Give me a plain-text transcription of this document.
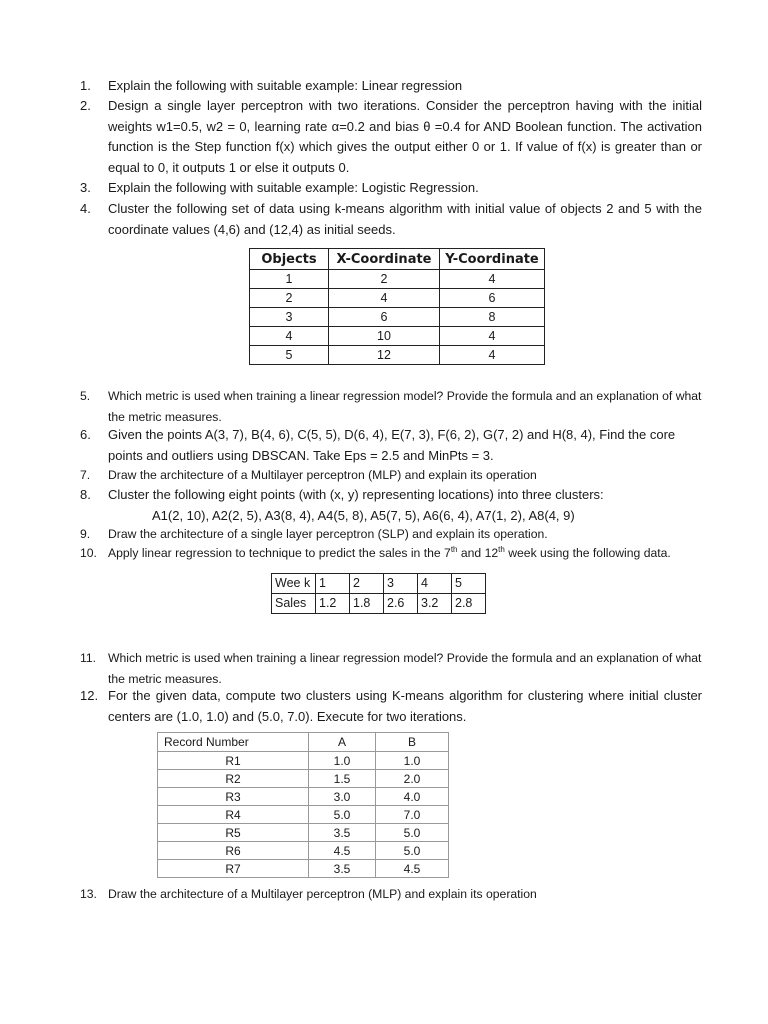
1.	Explain the following with suitable example: Linear regression
2.	Design a single layer perceptron with two iterations. Consider the perceptron having with the initial weights w1=0.5, w2 = 0, learning rate α=0.2 and bias θ =0.4 for AND Boolean function. The activation function is the Step function f(x) which gives the output either 0 or 1. If value of f(x) is greater than or equal to 0, it outputs 1 or else it outputs 0.
3.	Explain the following with suitable example: Logistic Regression.
4.	Cluster the following set of data using k-means algorithm with initial value of objects 2 and 5 with the coordinate values (4,6) and (12,4) as initial seeds.
Objects	X-Coordinate	Y-Coordinate
1	2	4
2	4	6
3	6	8
4	10	4
5	12	4
5.	Which metric is used when training a linear regression model? Provide the formula and an explanation of what the metric measures.
6.	Given the points A(3, 7), B(4, 6), C(5, 5), D(6, 4), E(7, 3), F(6, 2), G(7, 2) and H(8, 4), Find the core points and outliers using DBSCAN. Take Eps = 2.5 and MinPts = 3.
7.	Draw the architecture of a Multilayer perceptron (MLP) and explain its operation
8.	Cluster the following eight points (with (x, y) representing locations) into three clusters:
A1(2, 10), A2(2, 5), A3(8, 4), A4(5, 8), A5(7, 5), A6(6, 4), A7(1, 2), A8(4, 9)
9.	Draw the architecture of a single layer perceptron (SLP) and explain its operation.
10. Apply linear regression to technique to predict the sales in the 7th and 12th week using the following data.
Wee k	1	2	3	4	5
Sales	1.2	1.8	2.6	3.2	2.8
11. Which metric is used when training a linear regression model? Provide the formula and an explanation of what the metric measures.
12. For the given data, compute two clusters using K-means algorithm for clustering where initial cluster centers are (1.0, 1.0) and (5.0, 7.0). Execute for two iterations.
Record Number	A	B
R1	1.0	1.0
R2	1.5	2.0
R3	3.0	4.0
R4	5.0	7.0
R5	3.5	5.0
R6	4.5	5.0
R7	3.5	4.5
13. Draw the architecture of a Multilayer perceptron (MLP) and explain its operation
